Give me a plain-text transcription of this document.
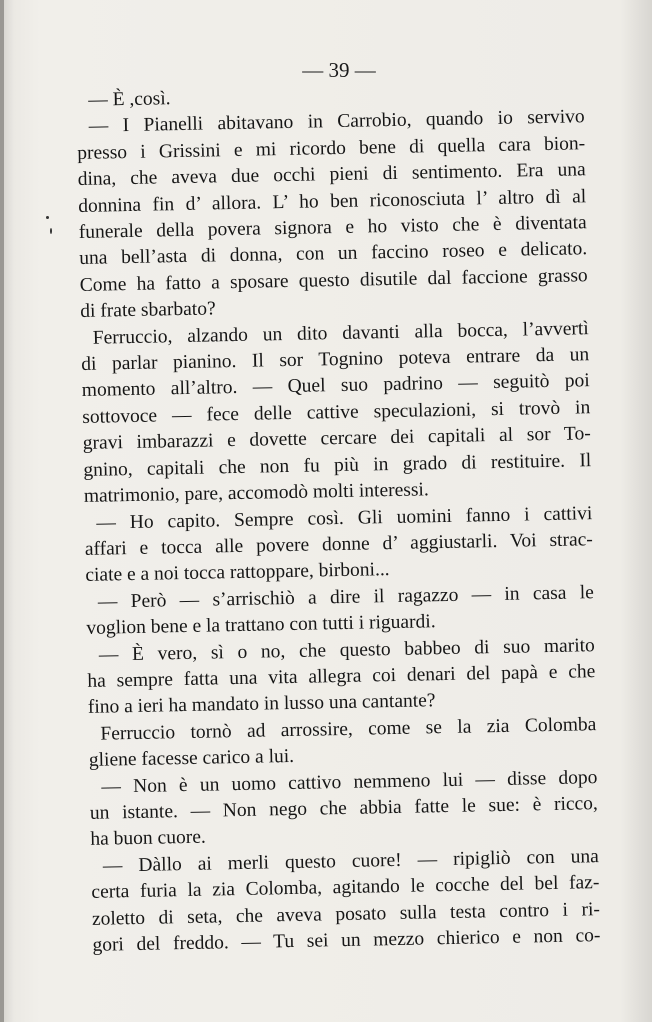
— 39 —
— È ,così.
— I Pianelli abitavano in Carrobio, quando io servivo
presso i Grissini e mi ricordo bene di quella cara bion-
dina, che aveva due occhi pieni di sentimento. Era una
donnina fin d’ allora. L’ ho ben riconosciuta l’ altro dì al
funerale della povera signora e ho visto che è diventata
una bell’asta di donna, con un faccino roseo e delicato.
Come ha fatto a sposare questo disutile dal faccione grasso
di frate sbarbato?
Ferruccio, alzando un dito davanti alla bocca, l’avvertì
di parlar pianino. Il sor Tognino poteva entrare da un
momento all’altro. — Quel suo padrino — seguitò poi
sottovoce — fece delle cattive speculazioni, si trovò in
gravi imbarazzi e dovette cercare dei capitali al sor To-
gnino, capitali che non fu più in grado di restituire. Il
matrimonio, pare, accomodò molti interessi.
— Ho capito. Sempre così. Gli uomini fanno i cattivi
affari e tocca alle povere donne d’ aggiustarli. Voi strac-
ciate e a noi tocca rattoppare, birboni...
— Però — s’arrischiò a dire il ragazzo — in casa le
voglion bene e la trattano con tutti i riguardi.
— È vero, sì o no, che questo babbeo di suo marito
ha sempre fatta una vita allegra coi denari del papà e che
fino a ieri ha mandato in lusso una cantante?
Ferruccio tornò ad arrossire, come se la zia Colomba
gliene facesse carico a lui.
— Non è un uomo cattivo nemmeno lui — disse dopo
un istante. — Non nego che abbia fatte le sue: è ricco,
ha buon cuore.
— Dàllo ai merli questo cuore! — ripigliò con una
certa furia la zia Colomba, agitando le cocche del bel faz-
zoletto di seta, che aveva posato sulla testa contro i ri-
gori del freddo. — Tu sei un mezzo chierico e non co-
